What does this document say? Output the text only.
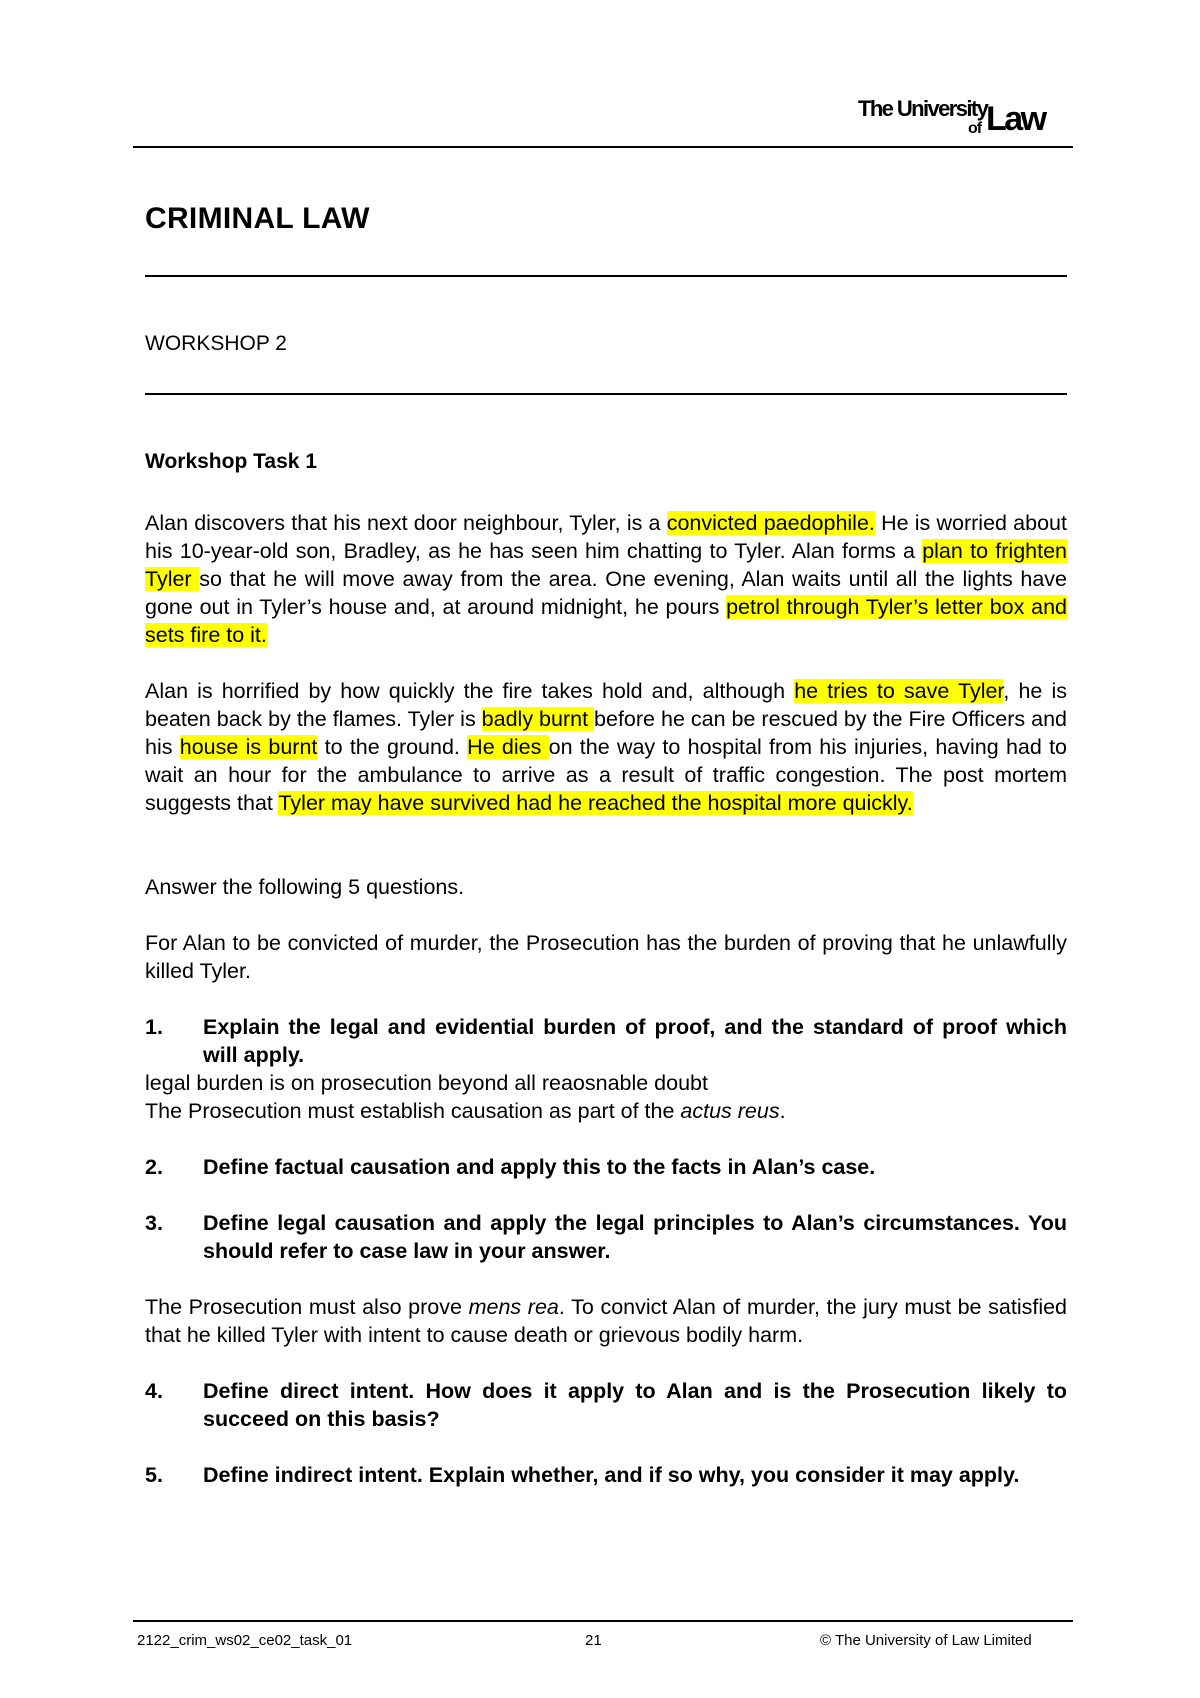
The University
of Law
CRIMINAL LAW
WORKSHOP 2
Workshop Task 1
Alan discovers that his next door neighbour, Tyler, is a convicted paedophile. He is worried about his 10-year-old son, Bradley, as he has seen him chatting to Tyler. Alan forms a plan to frighten Tyler so that he will move away from the area. One evening, Alan waits until all the lights have gone out in Tyler’s house and, at around midnight, he pours petrol through Tyler’s letter box and sets fire to it.
Alan is horrified by how quickly the fire takes hold and, although he tries to save Tyler, he is beaten back by the flames. Tyler is badly burnt before he can be rescued by the Fire Officers and his house is burnt to the ground. He dies on the way to hospital from his injuries, having had to wait an hour for the ambulance to arrive as a result of traffic congestion. The post mortem suggests that Tyler may have survived had he reached the hospital more quickly.
Answer the following 5 questions.
For Alan to be convicted of murder, the Prosecution has the burden of proving that he unlawfully killed Tyler.
1. Explain the legal and evidential burden of proof, and the standard of proof which will apply.
legal burden is on prosecution beyond all reaosnable doubt
The Prosecution must establish causation as part of the actus reus.
2. Define factual causation and apply this to the facts in Alan’s case.
3. Define legal causation and apply the legal principles to Alan’s circumstances. You should refer to case law in your answer.
The Prosecution must also prove mens rea. To convict Alan of murder, the jury must be satisfied that he killed Tyler with intent to cause death or grievous bodily harm.
4. Define direct intent. How does it apply to Alan and is the Prosecution likely to succeed on this basis?
5. Define indirect intent. Explain whether, and if so why, you consider it may apply.
2122_crim_ws02_ce02_task_01	21	© The University of Law Limited
